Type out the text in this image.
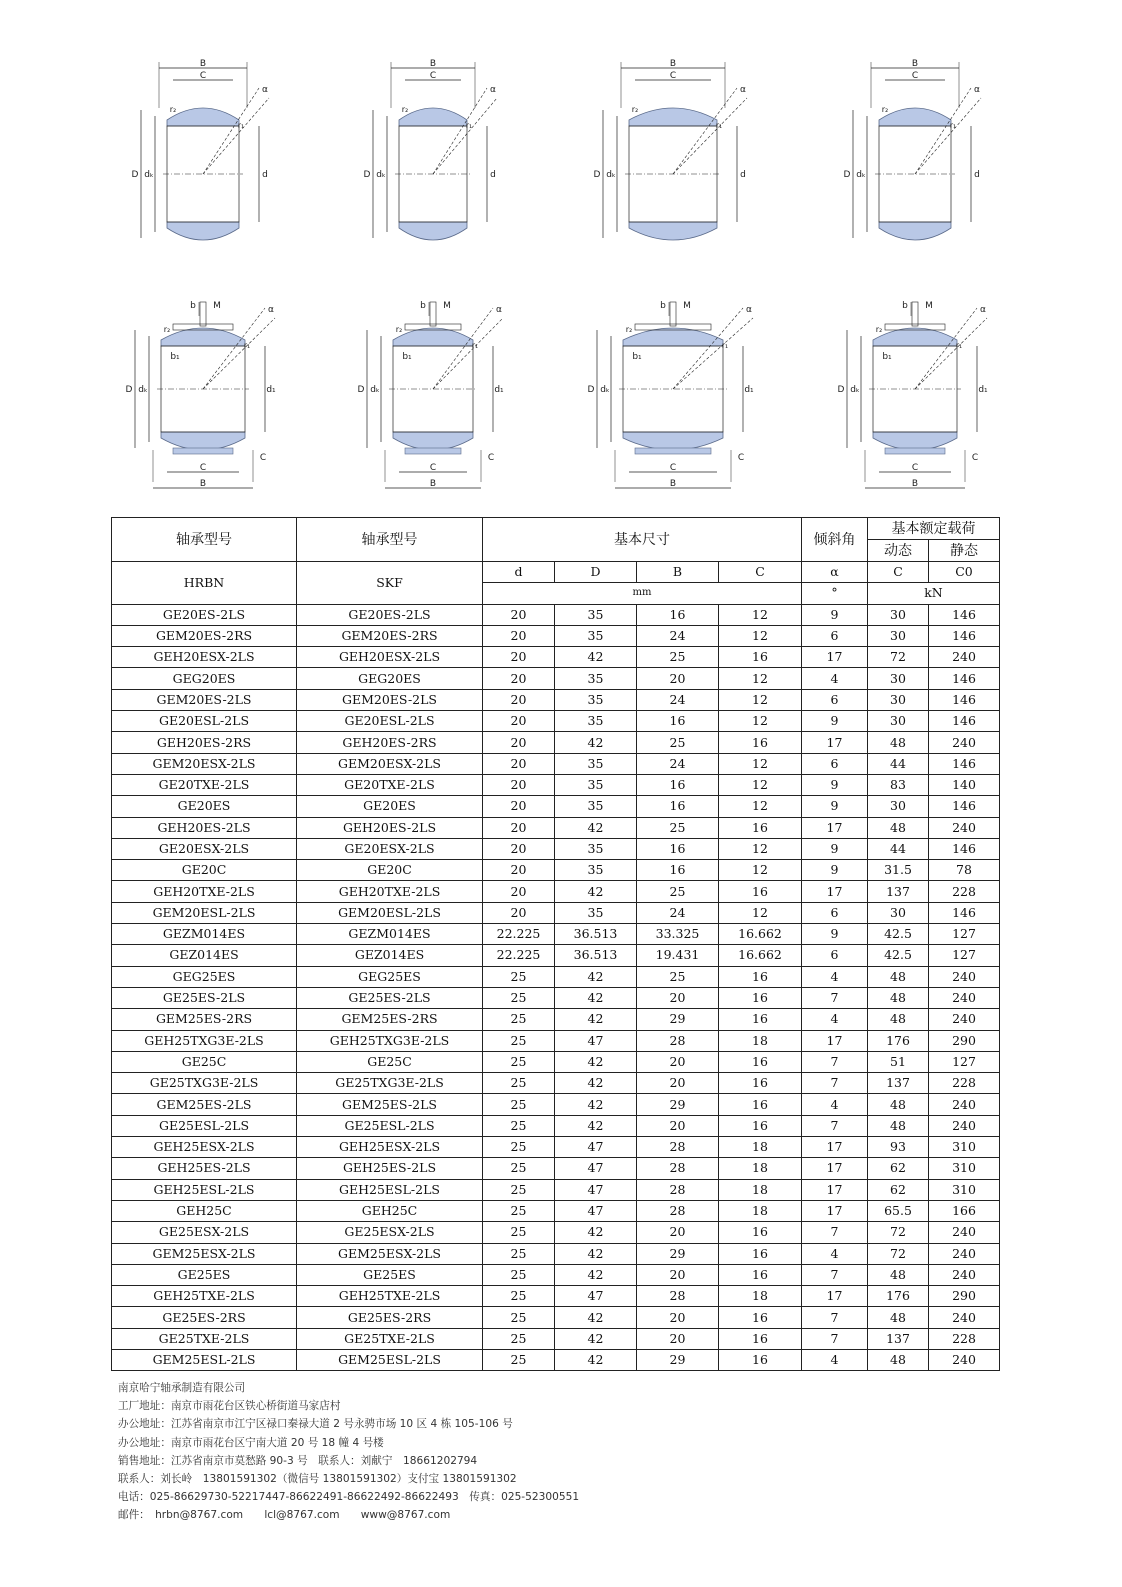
C
B
D dₖ	d
α
r₂
r₁
C
B
D dₖ	d
α
r₂
r₁
C
B
D dₖ	d
α
r₂
r₁
C
B
D dₖ	d
α
r₂
r₁
b M
b₁
C
C
B
D dₖ	d₁
α
r₂
r₁
b M
b₁
C
C
B
D dₖ	d₁
α
r₂
r₁
b M
b₁
C
C
B
D dₖ	d₁
α
r₂
r₁
b M
b₁
C
C
B
D dₖ	d₁
α
r₂
r₁
轴承型号	轴承型号	基本尺寸				倾斜角	基本额定载荷	
							动态	静态
HRBN	SKF	d	D	B	C	α	C	C0
		mm				°	kN	
GE20ES-2LS	GE20ES-2LS	20	35	16	12	9	30	146
GEM20ES-2RS	GEM20ES-2RS	20	35	24	12	6	30	146
GEH20ESX-2LS	GEH20ESX-2LS	20	42	25	16	17	72	240
GEG20ES	GEG20ES	20	35	20	12	4	30	146
GEM20ES-2LS	GEM20ES-2LS	20	35	24	12	6	30	146
GE20ESL-2LS	GE20ESL-2LS	20	35	16	12	9	30	146
GEH20ES-2RS	GEH20ES-2RS	20	42	25	16	17	48	240
GEM20ESX-2LS	GEM20ESX-2LS	20	35	24	12	6	44	146
GE20TXE-2LS	GE20TXE-2LS	20	35	16	12	9	83	140
GE20ES	GE20ES	20	35	16	12	9	30	146
GEH20ES-2LS	GEH20ES-2LS	20	42	25	16	17	48	240
GE20ESX-2LS	GE20ESX-2LS	20	35	16	12	9	44	146
GE20C	GE20C	20	35	16	12	9	31.5	78
GEH20TXE-2LS	GEH20TXE-2LS	20	42	25	16	17	137	228
GEM20ESL-2LS	GEM20ESL-2LS	20	35	24	12	6	30	146
GEZM014ES	GEZM014ES	22.225	36.513	33.325	16.662	9	42.5	127
GEZ014ES	GEZ014ES	22.225	36.513	19.431	16.662	6	42.5	127
GEG25ES	GEG25ES	25	42	25	16	4	48	240
GE25ES-2LS	GE25ES-2LS	25	42	20	16	7	48	240
GEM25ES-2RS	GEM25ES-2RS	25	42	29	16	4	48	240
GEH25TXG3E-2LS	GEH25TXG3E-2LS	25	47	28	18	17	176	290
GE25C	GE25C	25	42	20	16	7	51	127
GE25TXG3E-2LS	GE25TXG3E-2LS	25	42	20	16	7	137	228
GEM25ES-2LS	GEM25ES-2LS	25	42	29	16	4	48	240
GE25ESL-2LS	GE25ESL-2LS	25	42	20	16	7	48	240
GEH25ESX-2LS	GEH25ESX-2LS	25	47	28	18	17	93	310
GEH25ES-2LS	GEH25ES-2LS	25	47	28	18	17	62	310
GEH25ESL-2LS	GEH25ESL-2LS	25	47	28	18	17	62	310
GEH25C	GEH25C	25	47	28	18	17	65.5	166
GE25ESX-2LS	GE25ESX-2LS	25	42	20	16	7	72	240
GEM25ESX-2LS	GEM25ESX-2LS	25	42	29	16	4	72	240
GE25ES	GE25ES	25	42	20	16	7	48	240
GEH25TXE-2LS	GEH25TXE-2LS	25	47	28	18	17	176	290
GE25ES-2RS	GE25ES-2RS	25	42	20	16	7	48	240
GE25TXE-2LS	GE25TXE-2LS	25	42	20	16	7	137	228
GEM25ESL-2LS	GEM25ESL-2LS	25	42	29	16	4	48	240
南京哈宁轴承制造有限公司
工厂地址：南京市雨花台区铁心桥街道马家店村
办公地址：江苏省南京市江宁区禄口秦禄大道 2 号永骋市场 10 区 4 栋 105-106 号
办公地址：南京市雨花台区宁南大道 20 号 18 幢 4 号楼
销售地址：江苏省南京市莫愁路 90-3 号　联系人：刘献宁　18661202794
联系人：刘长岭　13801591302（微信号 13801591302）支付宝 13801591302
电话：025-86629730-52217447-86622491-86622492-86622493　传真：025-52300551
邮件：　hrbn@8767.com　　lcl@8767.com　　www@8767.com
